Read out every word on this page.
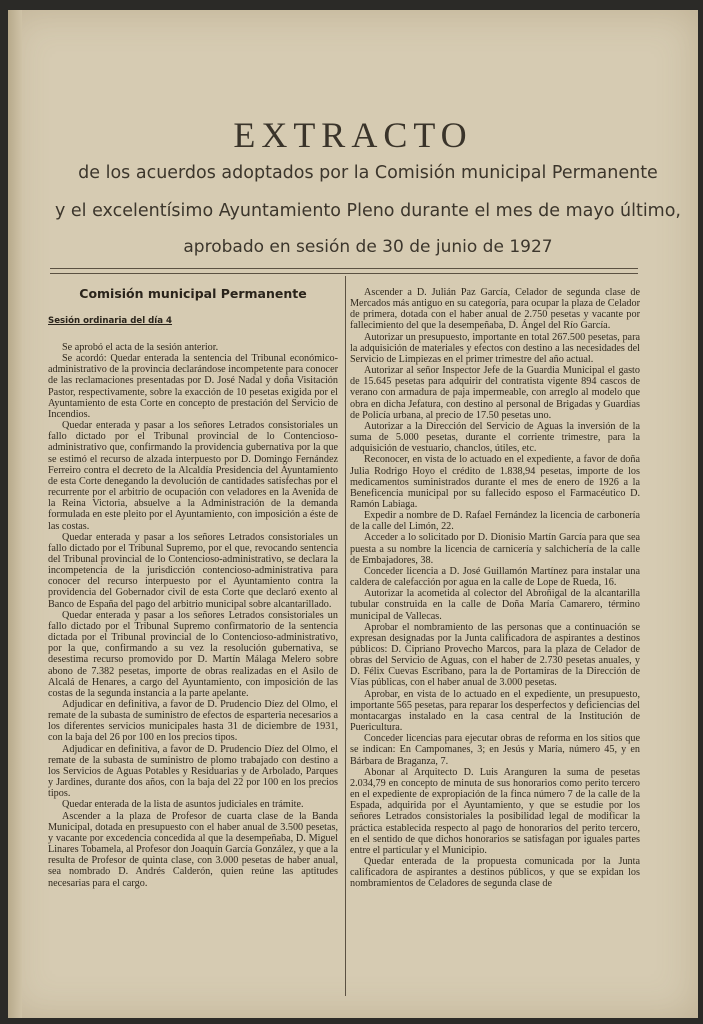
EXTRACTO
de los acuerdos adoptados por la Comisión municipal Permanente
y el excelentísimo Ayuntamiento Pleno durante el mes de mayo último,
aprobado en sesión de 30 de junio de 1927
Comisión municipal Permanente
Sesión ordinaria del día 4

Se aprobó el acta de la sesión anterior.

Se acordó: Quedar enterada la sentencia del Tribunal económico-administrativo de la provincia declarándose incompetente para conocer de las reclamaciones presentadas por D. José Nadal y doña Visitación Pastor, respectivamente, sobre la exacción de 10 pesetas exigida por el Ayuntamiento de esta Corte en concepto de prestación del Servicio de Incendios.

Quedar enterada y pasar a los señores Letrados consistoriales un fallo dictado por el Tribunal provincial de lo Contencioso-administrativo que, confirmando la providencia gubernativa por la que se estimó el recurso de alzada interpuesto por D. Domingo Fernández Ferreiro contra el decreto de la Alcaldía Presidencia del Ayuntamiento de esta Corte denegando la devolución de cantidades satisfechas por el recurrente por el arbitrio de ocupación con veladores en la Avenida de la Reina Victoria, absuelve a la Administración de la demanda formulada en este pleito por el Ayuntamiento, con imposición a éste de las costas.

Quedar enterada y pasar a los señores Letrados consistoriales un fallo dictado por el Tribunal Supremo, por el que, revocando sentencia del Tribunal provincial de lo Contencioso-administrativo, se declara la incompetencia de la jurisdicción contencioso-administrativa para conocer del recurso interpuesto por el Ayuntamiento contra la providencia del Gobernador civil de esta Corte que declaró exento al Banco de España del pago del arbitrio municipal sobre alcantarillado.

Quedar enterada y pasar a los señores Letrados consistoriales un fallo dictado por el Tribunal Supremo confirmatorio de la sentencia dictada por el Tribunal provincial de lo Contencioso-administrativo, por la que, confirmando a su vez la resolución gubernativa, se desestima recurso promovido por D. Martín Málaga Melero sobre abono de 7.382 pesetas, importe de obras realizadas en el Asilo de Alcalá de Henares, a cargo del Ayuntamiento, con imposición de las costas de la segunda instancia a la parte apelante.

Adjudicar en definitiva, a favor de D. Prudencio Díez del Olmo, el remate de la subasta de suministro de efectos de esparteria necesarios a los diferentes servicios municipales hasta 31 de diciembre de 1931, con la baja del 26 por 100 en los precios tipos.

Adjudicar en definitiva, a favor de D. Prudencio Díez del Olmo, el remate de la subasta de suministro de plomo trabajado con destino a los Servicios de Aguas Potables y Residuarias y de Arbolado, Parques y Jardines, durante dos años, con la baja del 22 por 100 en los precios tipos.

Quedar enterada de la lista de asuntos judiciales en trámite.

Ascender a la plaza de Profesor de cuarta clase de la Banda Municipal, dotada en presupuesto con el haber anual de 3.500 pesetas, y vacante por excedencia concedida al que la desempeñaba, D. Miguel Linares Tobamela, al Profesor don Joaquín García González, y que a la resulta de Profesor de quinta clase, con 3.000 pesetas de haber anual, sea nombrado D. Andrés Calderón, quien reúne las aptitudes necesarias para el cargo.

Ascender a D. Julián Paz García, Celador de segunda clase de Mercados más antiguo en su categoría, para ocupar la plaza de Celador de primera, dotada con el haber anual de 2.750 pesetas y vacante por fallecimiento del que la desempeñaba, D. Ángel del Río García.

Autorizar un presupuesto, importante en total 267.500 pesetas, para la adquisición de materiales y efectos con destino a las necesidades del Servicio de Limpiezas en el primer trimestre del año actual.

Autorizar al señor Inspector Jefe de la Guardia Municipal el gasto de 15.645 pesetas para adquirir del contratista vigente 894 cascos de verano con armadura de paja impermeable, con arreglo al modelo que obra en dicha Jefatura, con destino al personal de Brigadas y Guardias de Policía urbana, al precio de 17.50 pesetas uno.

Autorizar a la Dirección del Servicio de Aguas la inversión de la suma de 5.000 pesetas, durante el corriente trimestre, para la adquisición de vestuario, chanclos, útiles, etc.

Reconocer, en vista de lo actuado en el expediente, a favor de doña Julia Rodrigo Hoyo el crédito de 1.838,94 pesetas, importe de los medicamentos suministrados durante el mes de enero de 1926 a la Beneficencia municipal por su fallecido esposo el Farmacéutico D. Ramón Labiaga.

Expedir a nombre de D. Rafael Fernández la licencia de carbonería de la calle del Limón, 22.

Acceder a lo solicitado por D. Dionisio Martín García para que sea puesta a su nombre la licencia de carnicería y salchichería de la calle de Embajadores, 38.

Conceder licencia a D. José Guillamón Martínez para instalar una caldera de calefacción por agua en la calle de Lope de Rueda, 16.

Autorizar la acometida al colector del Abroñigal de la alcantarilla tubular construida en la calle de Doña María Camarero, término municipal de Vallecas.

Aprobar el nombramiento de las personas que a continuación se expresan designadas por la Junta calificadora de aspirantes a destinos públicos: D. Cipriano Provecho Marcos, para la plaza de Celador de obras del Servicio de Aguas, con el haber de 2.730 pesetas anuales, y D. Félix Cuevas Escribano, para la de Portamiras de la Dirección de Vías públicas, con el haber anual de 3.000 pesetas.

Aprobar, en vista de lo actuado en el expediente, un presupuesto, importante 565 pesetas, para reparar los desperfectos y deficiencias del montacargas instalado en la casa central de la Institución de Puericultura.

Conceder licencias para ejecutar obras de reforma en los sitios que se indican: En Campomanes, 3; en Jesús y María, número 45, y en Bárbara de Braganza, 7.

Abonar al Arquitecto D. Luis Aranguren la suma de pesetas 2.034,79 en concepto de minuta de sus honorarios como perito tercero en el expediente de expropiación de la finca número 7 de la calle de la Espada, adquirida por el Ayuntamiento, y que se estudie por los señores Letrados consistoriales la posibilidad legal de modificar la práctica establecida respecto al pago de honorarios del perito tercero, en el sentido de que dichos honorarios se satisfagan por iguales partes entre el particular y el Municipio.

Quedar enterada de la propuesta comunicada por la Junta calificadora de aspirantes a destinos públicos, y que se expidan los nombramientos de Celadores de segunda clase de
